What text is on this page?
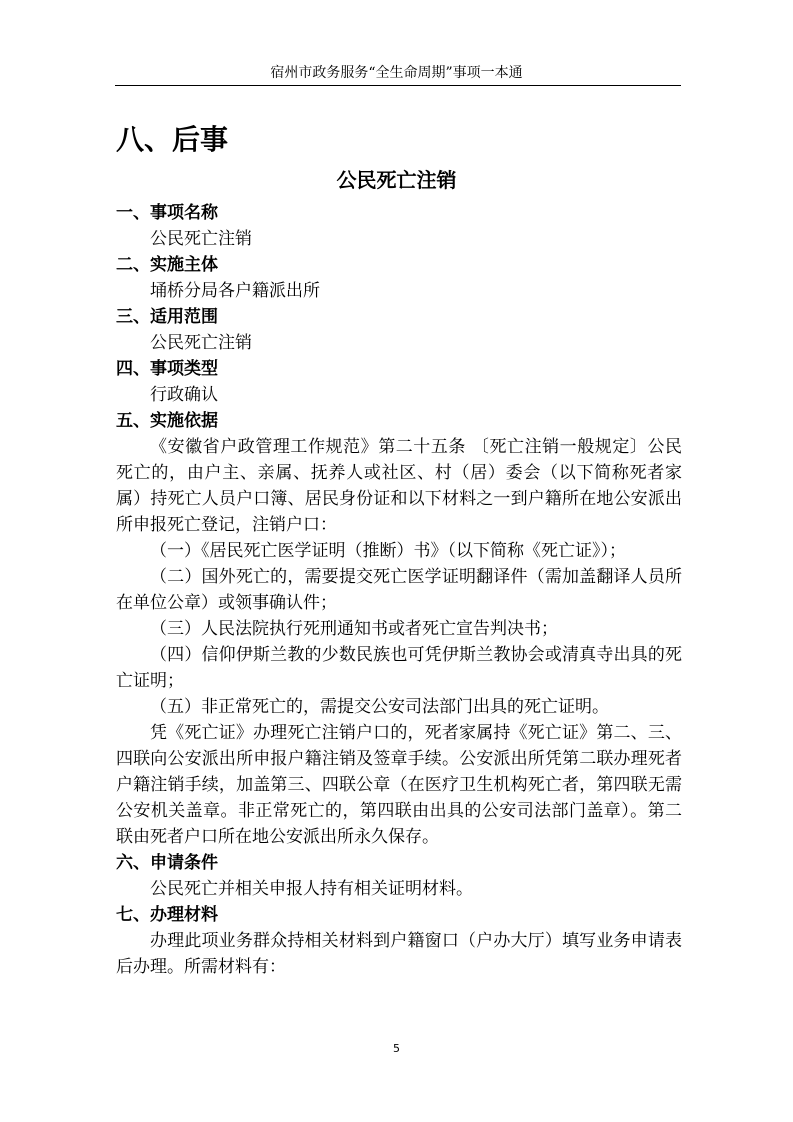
宿州市政务服务“全生命周期”事项一本通
八、后事
公民死亡注销
一、事项名称

公民死亡注销

二、实施主体

埇桥分局各户籍派出所

三、适用范围

公民死亡注销

四、事项类型

行政确认

五、实施依据

《安徽省户政管理工作规范》第二十五条 〔死亡注销一般规定〕公民死亡的，由户主、亲属、抚养人或社区、村（居）委会（以下简称死者家属）持死亡人员户口簿、居民身份证和以下材料之一到户籍所在地公安派出所申报死亡登记，注销户口：

（一）《居民死亡医学证明（推断）书》（以下简称《死亡证》）；

（二）国外死亡的，需要提交死亡医学证明翻译件（需加盖翻译人员所在单位公章）或领事确认件；

（三）人民法院执行死刑通知书或者死亡宣告判决书；

（四）信仰伊斯兰教的少数民族也可凭伊斯兰教协会或清真寺出具的死亡证明；

（五）非正常死亡的，需提交公安司法部门出具的死亡证明。

凭《死亡证》办理死亡注销户口的，死者家属持《死亡证》第二、三、四联向公安派出所申报户籍注销及签章手续。公安派出所凭第二联办理死者户籍注销手续，加盖第三、四联公章（在医疗卫生机构死亡者，第四联无需公安机关盖章。非正常死亡的，第四联由出具的公安司法部门盖章）。第二联由死者户口所在地公安派出所永久保存。

六、申请条件

公民死亡并相关申报人持有相关证明材料。

七、办理材料

办理此项业务群众持相关材料到户籍窗口（户办大厅）填写业务申请表后办理。所需材料有：

5
